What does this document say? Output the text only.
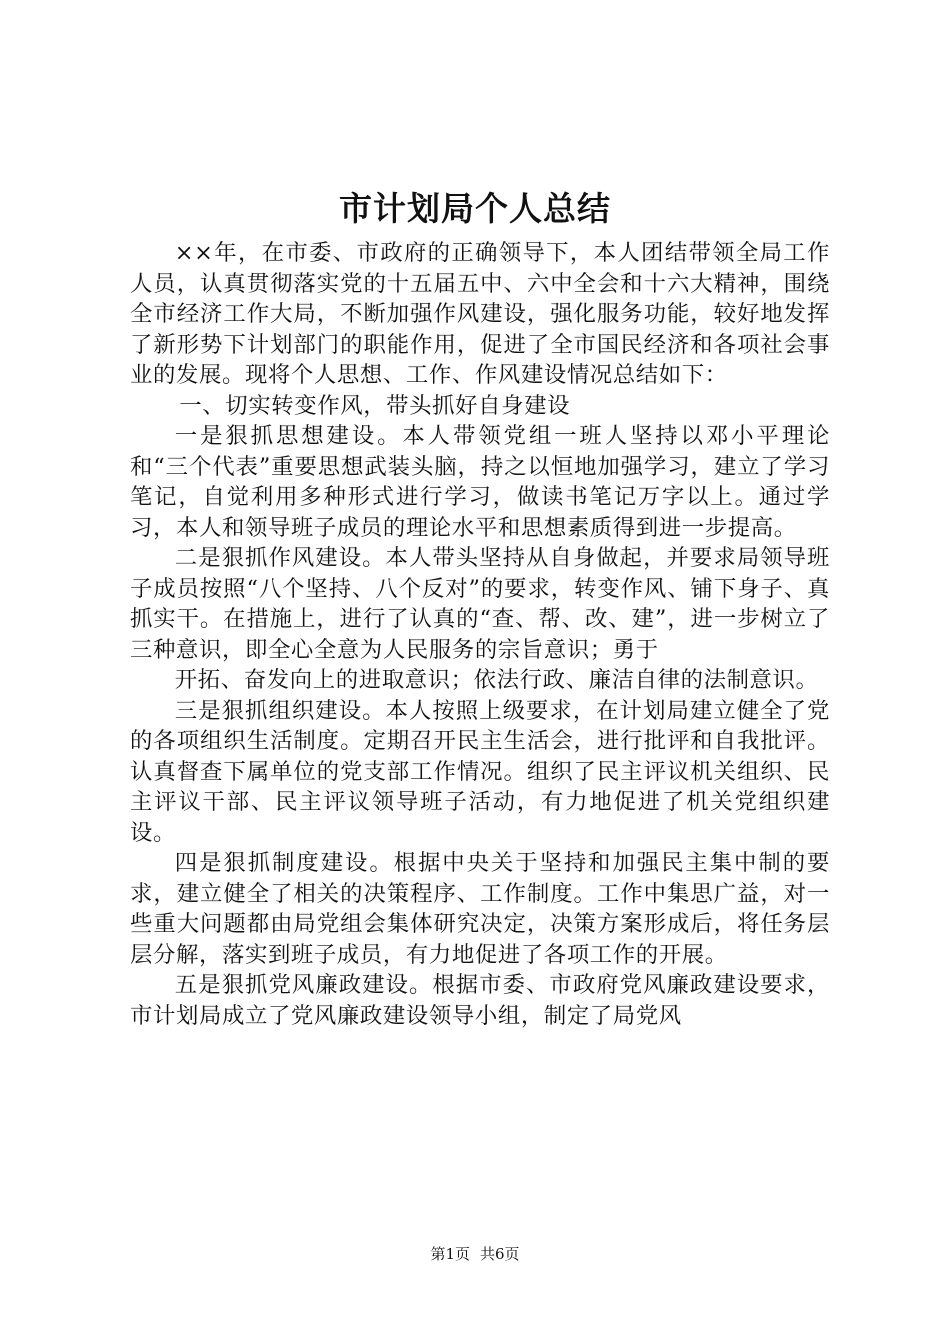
市计划局个人总结

××年，在市委、市政府的正确领导下，本人团结带领全局工作人员，认真贯彻落实党的十五届五中、六中全会和十六大精神，围绕全市经济工作大局，不断加强作风建设，强化服务功能，较好地发挥了新形势下计划部门的职能作用，促进了全市国民经济和各项社会事业的发展。现将个人思想、工作、作风建设情况总结如下：

一、切实转变作风，带头抓好自身建设

一是狠抓思想建设。本人带领党组一班人坚持以邓小平理论和“三个代表”重要思想武装头脑，持之以恒地加强学习，建立了学习笔记，自觉利用多种形式进行学习，做读书笔记万字以上。通过学习，本人和领导班子成员的理论水平和思想素质得到进一步提高。

二是狠抓作风建设。本人带头坚持从自身做起，并要求局领导班子成员按照“八个坚持、八个反对”的要求，转变作风、铺下身子、真抓实干。在措施上，进行了认真的“查、帮、改、建”，进一步树立了三种意识，即全心全意为人民服务的宗旨意识；勇于

开拓、奋发向上的进取意识；依法行政、廉洁自律的法制意识。

三是狠抓组织建设。本人按照上级要求，在计划局建立健全了党的各项组织生活制度。定期召开民主生活会，进行批评和自我批评。认真督查下属单位的党支部工作情况。组织了民主评议机关组织、民主评议干部、民主评议领导班子活动，有力地促进了机关党组织建设。

四是狠抓制度建设。根据中央关于坚持和加强民主集中制的要求，建立健全了相关的决策程序、工作制度。工作中集思广益，对一些重大问题都由局党组会集体研究决定，决策方案形成后，将任务层层分解，落实到班子成员，有力地促进了各项工作的开展。

五是狠抓党风廉政建设。根据市委、市政府党风廉政建设要求，市计划局成立了党风廉政建设领导小组，制定了局党风

第1页 共6页
